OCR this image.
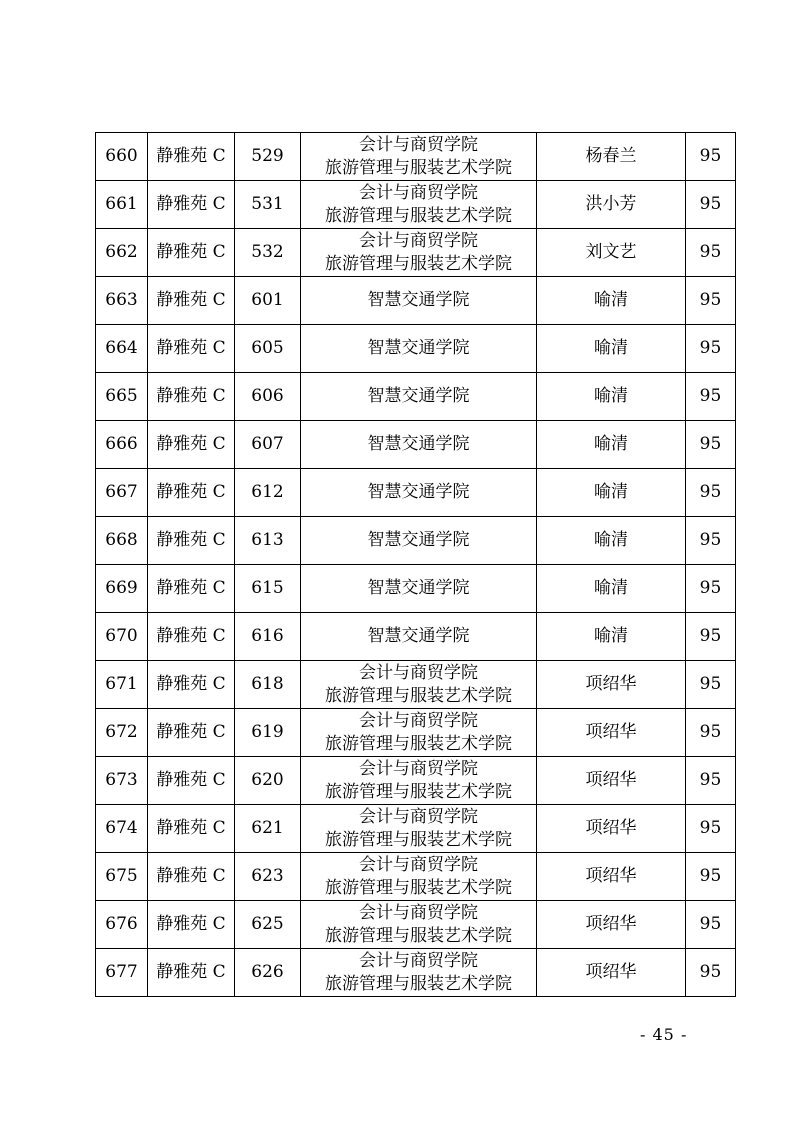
660	静雅苑 C	529	会计与商贸学院
旅游管理与服装艺术学院	杨春兰	95
661	静雅苑 C	531	会计与商贸学院
旅游管理与服装艺术学院	洪小芳	95
662	静雅苑 C	532	会计与商贸学院
旅游管理与服装艺术学院	刘文艺	95
663	静雅苑 C	601	智慧交通学院	喻清	95
664	静雅苑 C	605	智慧交通学院	喻清	95
665	静雅苑 C	606	智慧交通学院	喻清	95
666	静雅苑 C	607	智慧交通学院	喻清	95
667	静雅苑 C	612	智慧交通学院	喻清	95
668	静雅苑 C	613	智慧交通学院	喻清	95
669	静雅苑 C	615	智慧交通学院	喻清	95
670	静雅苑 C	616	智慧交通学院	喻清	95
671	静雅苑 C	618	会计与商贸学院
旅游管理与服装艺术学院	项绍华	95
672	静雅苑 C	619	会计与商贸学院
旅游管理与服装艺术学院	项绍华	95
673	静雅苑 C	620	会计与商贸学院
旅游管理与服装艺术学院	项绍华	95
674	静雅苑 C	621	会计与商贸学院
旅游管理与服装艺术学院	项绍华	95
675	静雅苑 C	623	会计与商贸学院
旅游管理与服装艺术学院	项绍华	95
676	静雅苑 C	625	会计与商贸学院
旅游管理与服装艺术学院	项绍华	95
677	静雅苑 C	626	会计与商贸学院
旅游管理与服装艺术学院	项绍华	95
- 45 -
